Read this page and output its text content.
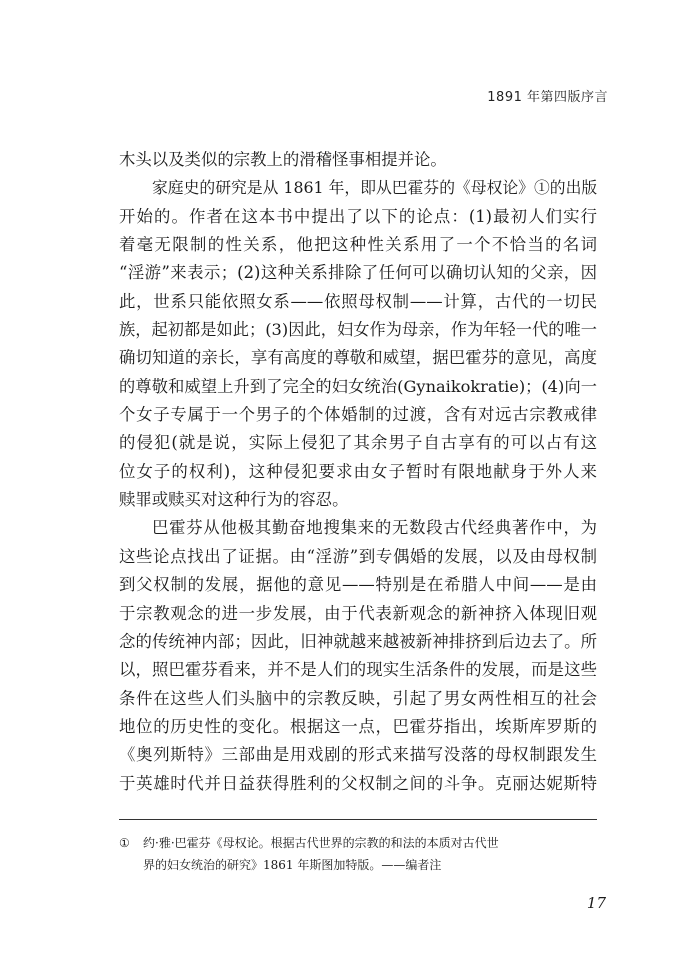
1891 年第四版序言
木头以及类似的宗教上的滑稽怪事相提并论。
家庭史的研究是从 1861 年，即从巴霍芬的《母权论》①的出版
开始的。作者在这本书中提出了以下的论点：(1)最初人们实行
着毫无限制的性关系，他把这种性关系用了一个不恰当的名词
“淫游”来表示；(2)这种关系排除了任何可以确切认知的父亲，因
此，世系只能依照女系——依照母权制——计算，古代的一切民
族，起初都是如此；(3)因此，妇女作为母亲，作为年轻一代的唯一
确切知道的亲长，享有高度的尊敬和威望，据巴霍芬的意见，高度
的尊敬和威望上升到了完全的妇女统治(Gynaikokratie)；(4)向一
个女子专属于一个男子的个体婚制的过渡，含有对远古宗教戒律
的侵犯(就是说，实际上侵犯了其余男子自古享有的可以占有这
位女子的权利)，这种侵犯要求由女子暂时有限地献身于外人来
赎罪或赎买对这种行为的容忍。
巴霍芬从他极其勤奋地搜集来的无数段古代经典著作中，为
这些论点找出了证据。由“淫游”到专偶婚的发展，以及由母权制
到父权制的发展，据他的意见——特别是在希腊人中间——是由
于宗教观念的进一步发展，由于代表新观念的新神挤入体现旧观
念的传统神内部；因此，旧神就越来越被新神排挤到后边去了。所
以，照巴霍芬看来，并不是人们的现实生活条件的发展，而是这些
条件在这些人们头脑中的宗教反映，引起了男女两性相互的社会
地位的历史性的变化。根据这一点，巴霍芬指出，埃斯库罗斯的
《奥列斯特》三部曲是用戏剧的形式来描写没落的母权制跟发生
于英雄时代并日益获得胜利的父权制之间的斗争。克丽达妮斯特
① 约·雅·巴霍芬《母权论。根据古代世界的宗教的和法的本质对古代世
界的妇女统治的研究》1861 年斯图加特版。——编者注
17
